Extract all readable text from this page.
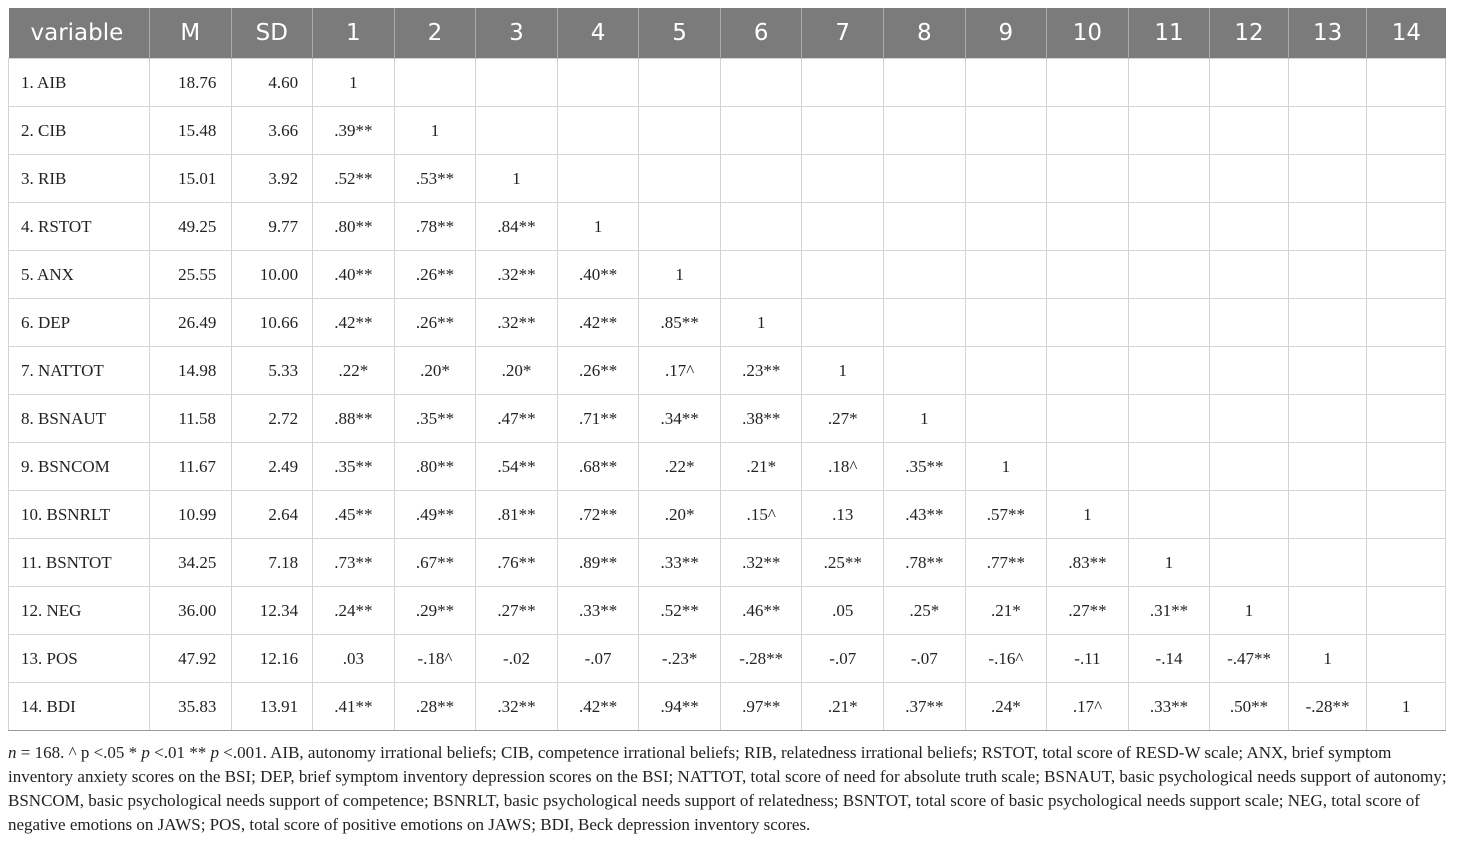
variable	M	SD	1	2	3	4	5	6	7	8	9	10	11	12	13	14
1. AIB	18.76	4.60	1													
2. CIB	15.48	3.66	.39**	1												
3. RIB	15.01	3.92	.52**	.53**	1											
4. RSTOT	49.25	9.77	.80**	.78**	.84**	1										
5. ANX	25.55	10.00	.40**	.26**	.32**	.40**	1									
6. DEP	26.49	10.66	.42**	.26**	.32**	.42**	.85**	1								
7. NATTOT	14.98	5.33	.22*	.20*	.20*	.26**	.17^	.23**	1							
8. BSNAUT	11.58	2.72	.88**	.35**	.47**	.71**	.34**	.38**	.27*	1						
9. BSNCOM	11.67	2.49	.35**	.80**	.54**	.68**	.22*	.21*	.18^	.35**	1					
10. BSNRLT	10.99	2.64	.45**	.49**	.81**	.72**	.20*	.15^	.13	.43**	.57**	1				
11. BSNTOT	34.25	7.18	.73**	.67**	.76**	.89**	.33**	.32**	.25**	.78**	.77**	.83**	1			
12. NEG	36.00	12.34	.24**	.29**	.27**	.33**	.52**	.46**	.05	.25*	.21*	.27**	.31**	1		
13. POS	47.92	12.16	.03	-.18^	-.02	-.07	-.23*	-.28**	-.07	-.07	-.16^	-.11	-.14	-.47**	1	
14. BDI	35.83	13.91	.41**	.28**	.32**	.42**	.94**	.97**	.21*	.37**	.24*	.17^	.33**	.50**	-.28**	1
n = 168. ^ p <.05 * p <.01 ** p <.001. AIB, autonomy irrational beliefs; CIB, competence irrational beliefs; RIB, relatedness irrational beliefs; RSTOT, total score of RESD-W scale; ANX, brief symptom inventory anxiety scores on the BSI; DEP, brief symptom inventory depression scores on the BSI; NATTOT, total score of need for absolute truth scale; BSNAUT, basic psychological needs support of autonomy; BSNCOM, basic psychological needs support of competence; BSNRLT, basic psychological needs support of relatedness; BSNTOT, total score of basic psychological needs support scale; NEG, total score of negative emotions on JAWS; POS, total score of positive emotions on JAWS; BDI, Beck depression inventory scores.
